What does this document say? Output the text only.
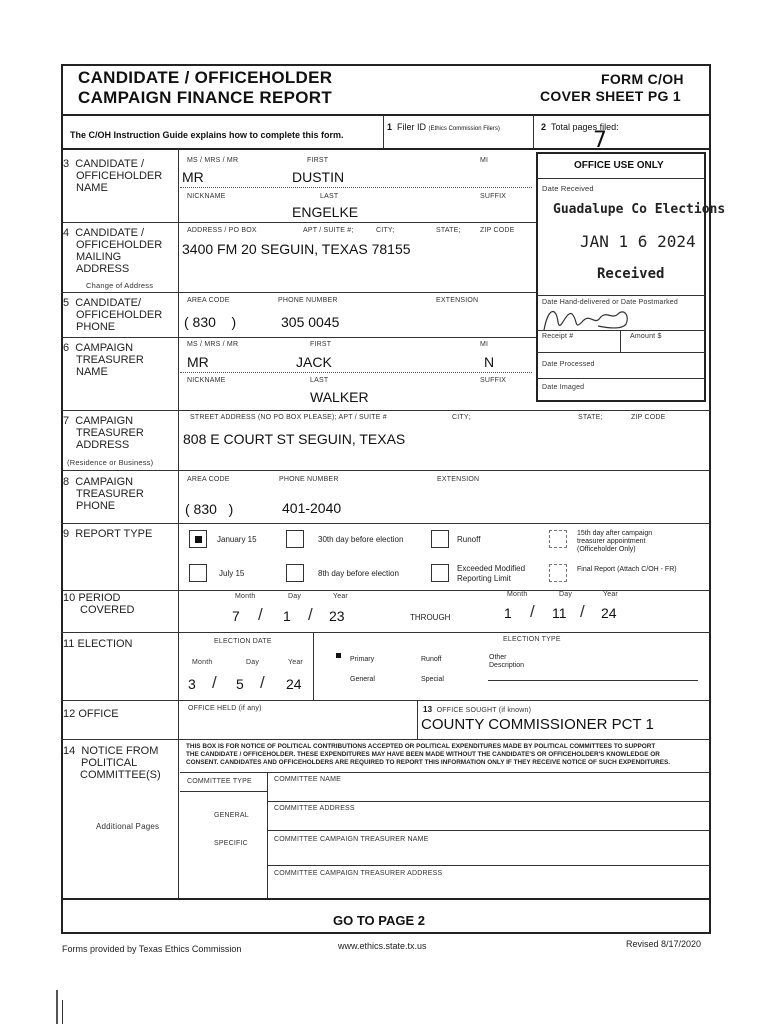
CANDIDATE / OFFICEHOLDER
CAMPAIGN FINANCE REPORT
FORM C/OH
COVER SHEET PG 1
The C/OH Instruction Guide explains how to complete this form.
1 Filer ID (Ethics Commission Filers)	2 Total pages filed:
7
OFFICE USE ONLY
Date Received
Guadalupe Co Elections
JAN 1 6 2024
Received
Date Hand-delivered or Date Postmarked
Receipt #	Amount $
Date Processed
Date Imaged
3 CANDIDATE /
OFFICEHOLDER
NAME
MS / MRS / MR	FIRST	MI
MR	DUSTIN
NICKNAME	LAST	SUFFIX
ENGELKE
4 CANDIDATE /
OFFICEHOLDER
MAILING
ADDRESS
ADDRESS / PO BOX	APT / SUITE #;	CITY;	STATE;	ZIP CODE
3400 FM 20 SEGUIN, TEXAS 78155
Change of Address
5 CANDIDATE/
OFFICEHOLDER
PHONE
AREA CODE	PHONE NUMBER	EXTENSION
( 830    )	305 0045
6 CAMPAIGN
TREASURER
NAME
MS / MRS / MR	FIRST	MI
MR	JACK	N
NICKNAME	LAST	SUFFIX
WALKER
7 CAMPAIGN
TREASURER
ADDRESS
STREET ADDRESS (NO PO BOX PLEASE); APT / SUITE #	CITY;	STATE;	ZIP CODE
808 E COURT ST SEGUIN, TEXAS
(Residence or Business)
8 CAMPAIGN
TREASURER
PHONE
AREA CODE	PHONE NUMBER	EXTENSION
( 830   )	401-2040
9 REPORT TYPE	January 15	30th day before election	Runoff
15th day after campaign
treasurer appointment
(Officeholder Only)
July 15	8th day before election
Exceeded Modified
Reporting Limit
Final Report (Attach C/OH - FR)
10 PERIOD
COVERED
Month	Day	Year
7 / 1 / 23	THROUGH
Month	Day	Year
1 / 11 / 24
11 ELECTION	ELECTION DATE	ELECTION TYPE
Month	Day	Year
3 / 5 / 24
Primary	Runoff	Other
Description
General	Special
12 OFFICE	OFFICE HELD (if any)	13 OFFICE SOUGHT (if known)
COUNTY COMMISSIONER PCT 1
14 NOTICE FROM
POLITICAL
COMMITTEE(S)
Additional Pages
THIS BOX IS FOR NOTICE OF POLITICAL CONTRIBUTIONS ACCEPTED OR POLITICAL EXPENDITURES MADE BY POLITICAL COMMITTEES TO SUPPORT
THE CANDIDATE / OFFICEHOLDER. THESE EXPENDITURES MAY HAVE BEEN MADE WITHOUT THE CANDIDATE'S OR OFFICEHOLDER'S KNOWLEDGE OR
CONSENT. CANDIDATES AND OFFICEHOLDERS ARE REQUIRED TO REPORT THIS INFORMATION ONLY IF THEY RECEIVE NOTICE OF SUCH EXPENDITURES.
COMMITTEE TYPE	COMMITTEE NAME
COMMITTEE ADDRESS
GENERAL
SPECIFIC
COMMITTEE CAMPAIGN TREASURER NAME
COMMITTEE CAMPAIGN TREASURER ADDRESS
GO TO PAGE 2
Forms provided by Texas Ethics Commission	www.ethics.state.tx.us	Revised 8/17/2020
